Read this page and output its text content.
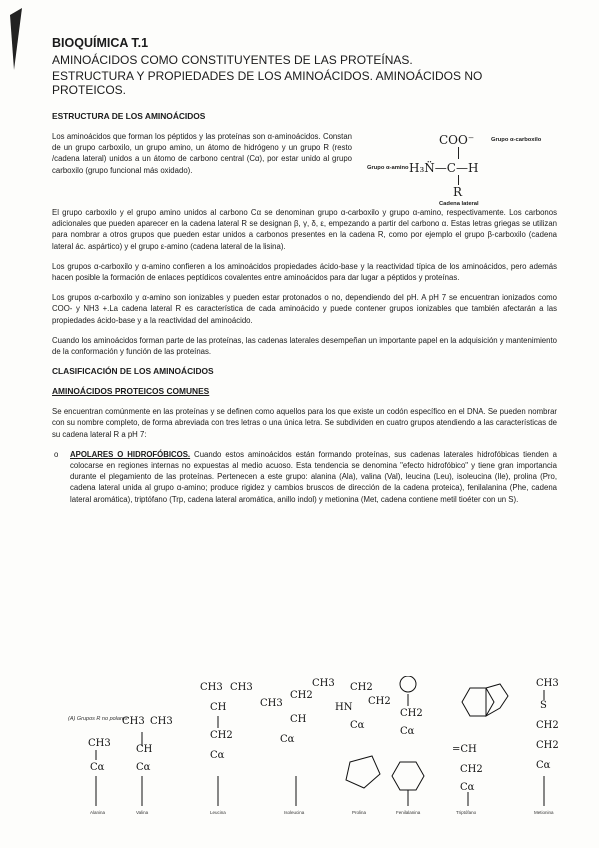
BIOQUÍMICA T.1
AMINOÁCIDOS COMO CONSTITUYENTES DE LAS PROTEÍNAS.
ESTRUCTURA Y PROPIEDADES DE LOS AMINOÁCIDOS. AMINOÁCIDOS NO PROTEICOS.
ESTRUCTURA DE LOS AMINOÁCIDOS

Los aminoácidos que forman los péptidos y las proteínas son α-aminoácidos. Constan de un grupo carboxilo, un grupo amino, un átomo de hidrógeno y un grupo R (resto /cadena lateral) unidos a un átomo de carbono central (Cα), por estar unido al grupo carboxilo (grupo funcional más oxidado).

COO⁻	Grupo α-carboxilo
Grupo α-amino H₃N̈—C—H
R
Cadena lateral

El grupo carboxilo y el grupo amino unidos al carbono Cα se denominan grupo α-carboxilo y grupo α-amino, respectivamente. Los carbonos adicionales que pueden aparecer en la cadena lateral R se designan β, γ, δ, ε, empezando a partir del carbono α. Estas letras griegas se utilizan para nombrar a otros grupos que pueden estar unidos a carbonos presentes en la cadena R, como por ejemplo el grupo β-carboxilo (cadena lateral ác. aspártico) y el grupo ε-amino (cadena lateral de la lisina).

Los grupos α-carboxilo y α-amino confieren a los aminoácidos propiedades ácido-base y la reactividad típica de los aminoácidos, pero además hacen posible la formación de enlaces peptídicos covalentes entre aminoácidos para dar lugar a péptidos y proteínas.

Los grupos α-carboxilo y α-amino son ionizables y pueden estar protonados o no, dependiendo del pH. A pH 7 se encuentran ionizados como COO- y NH3 +.La cadena lateral R es característica de cada aminoácido y puede contener grupos ionizables que también afectarán a las propiedades ácido-base y a la reactividad del aminoácido.

Cuando los aminoácidos forman parte de las proteínas, las cadenas laterales desempeñan un importante papel en la adquisición y mantenimiento de la conformación y función de las proteínas.

CLASIFICACIÓN DE LOS AMINOÁCIDOS
AMINOÁCIDOS PROTEICOS COMUNES

Se encuentran comúnmente en las proteínas y se definen como aquellos para los que existe un codón específico en el DNA. Se pueden nombrar con su nombre completo, de forma abreviada con tres letras o una única letra. Se subdividen en cuatro grupos atendiendo a las características de su cadena lateral R a pH 7:

o APOLARES O HIDROFÓBICOS. Cuando estos aminoácidos están formando proteínas, sus cadenas laterales hidrofóbicas tienden a colocarse en regiones internas no expuestas al medio acuoso. Esta tendencia se denomina "efecto hidrofóbico" y tiene gran importancia durante el plegamiento de las proteínas. Pertenecen a este grupo: alanina (Ala), valina (Val), leucina (Leu), isoleucina (Ile), prolina (Pro, cadena lateral unida al grupo α-amino; produce rigidez y cambios bruscos de dirección de la cadena proteica), fenilalanina (Phe, cadena lateral aromática), triptófano (Trp, cadena lateral aromática, anillo indol) y metionina (Met, cadena contiene metil tioéter con un S).
(A) Grupos R no polares
CH3
Cα
CH3 CH3
CH
Cα
CH3 CH3
CH
CH2
Cα
CH3
CH2
CH3
CH
Cα
CH2
HN
CH2
Cα
CH2
Cα
=CH
CH2
Cα
CH3
S
CH2
CH2
Cα
Alanina	Valina	Leucina	Isoleucina	Prolina	Fenilalanina	Triptófano	Metionina
